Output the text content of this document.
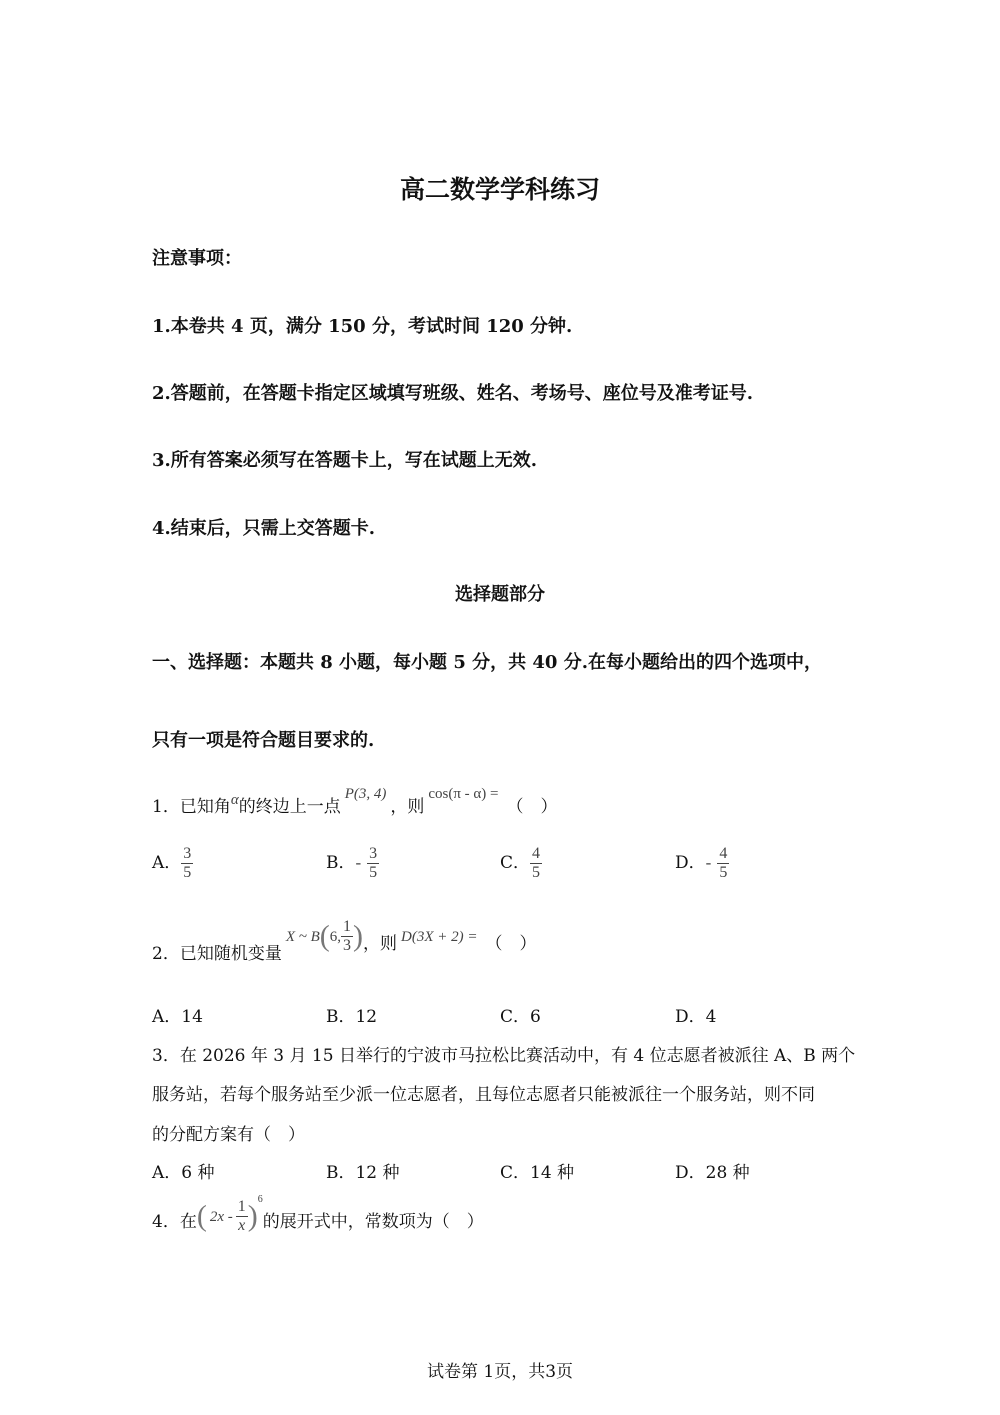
高二数学学科练习
注意事项：
1.本卷共 4 页，满分 150 分，考试时间 120 分钟.
2.答题前，在答题卡指定区域填写班级、姓名、考场号、座位号及准考证号.
3.所有答案必须写在答题卡上，写在试题上无效.
4.结束后，只需上交答题卡.
选择题部分
一、选择题：本题共 8 小题，每小题 5 分，共 40 分.在每小题给出的四个选项中，
只有一项是符合题目要求的.
1．已知角α的终边上一点P(3, 4)，则cos(π - α) =（　）
A． $\frac{3}{5}$	B．- $\frac{3}{5}$	C． $\frac{4}{5}$	D．- $\frac{4}{5}$
2．已知随机变量X ~ B(6, $\frac{1}{3}$ )，则 D(3X + 2) = （　）
A．14	B．12	C．6	D．4
3．在 2026 年 3 月 15 日举行的宁波市马拉松比赛活动中，有 4 位志愿者被派往 A、B 两个
服务站，若每个服务站至少派一位志愿者，且每位志愿者只能被派往一个服务站，则不同
的分配方案有（　）
A．6 种	B．12 种	C．14 种	D．28 种
4．在( $2x - \frac{1}{x} )^6$的展开式中，常数项为（　）
试卷第 1页，共3页
